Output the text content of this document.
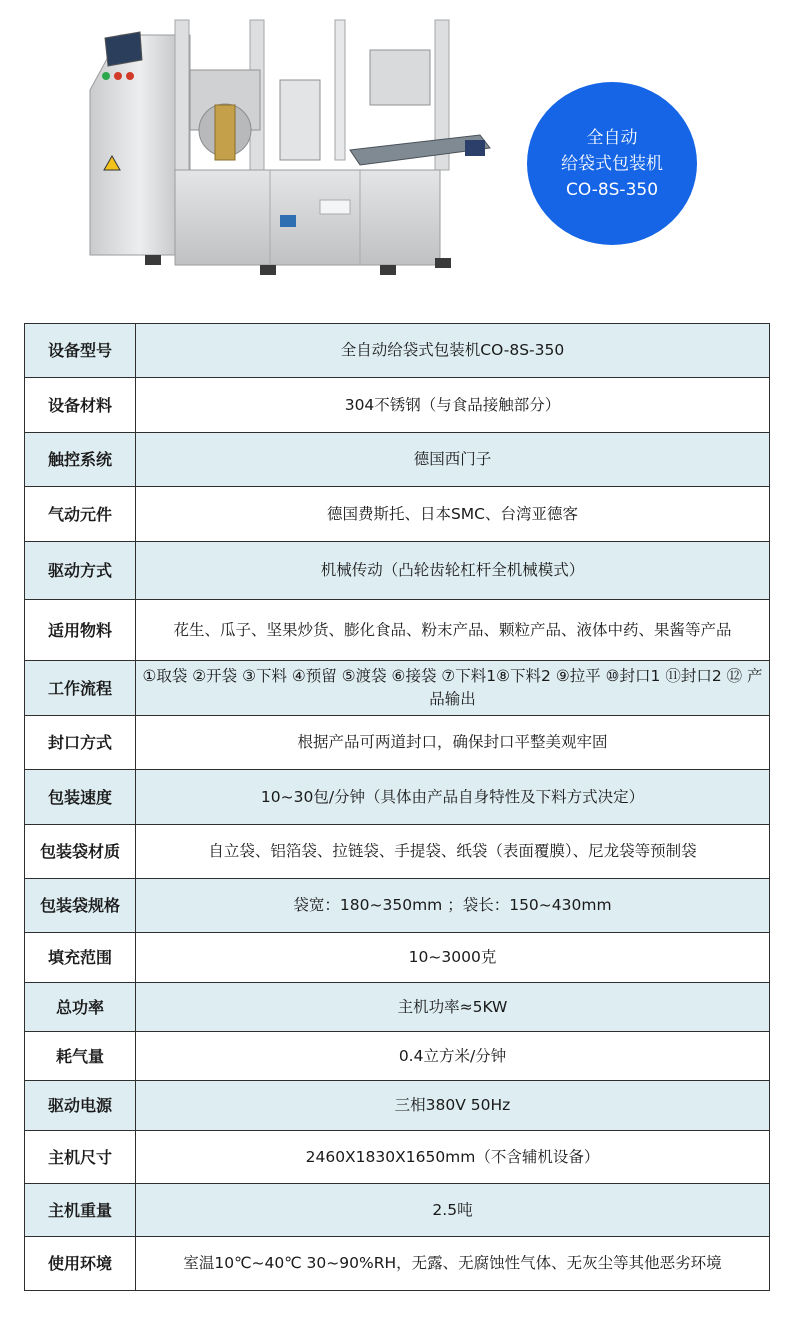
全自动
给袋式包装机
CO-8S-350
设备型号	全自动给袋式包装机CO-8S-350
设备材料	304不锈钢（与食品接触部分）
触控系统	德国西门子
气动元件	德国费斯托、日本SMC、台湾亚德客
驱动方式	机械传动（凸轮齿轮杠杆全机械模式）
适用物料	花生、瓜子、坚果炒货、膨化食品、粉末产品、颗粒产品、液体中药、果酱等产品
工作流程	①取袋 ②开袋 ③下料 ④预留 ⑤渡袋 ⑥接袋 ⑦下料1⑧下料2 ⑨拉平 ⑩封口1 ⑪封口2 ⑫ 产品输出
封口方式	根据产品可两道封口，确保封口平整美观牢固
包装速度	10~30包/分钟（具体由产品自身特性及下料方式决定）
包装袋材质	自立袋、铝箔袋、拉链袋、手提袋、纸袋（表面覆膜）、尼龙袋等预制袋
包装袋规格	袋宽：180~350mm ；袋长：150~430mm
填充范围	10~3000克
总功率	主机功率≈5KW
耗气量	0.4立方米/分钟
驱动电源	三相380V 50Hz
主机尺寸	2460X1830X1650mm（不含辅机设备）
主机重量	2.5吨
使用环境	室温10℃~40℃ 30~90%RH，无露、无腐蚀性气体、无灰尘等其他恶劣环境
